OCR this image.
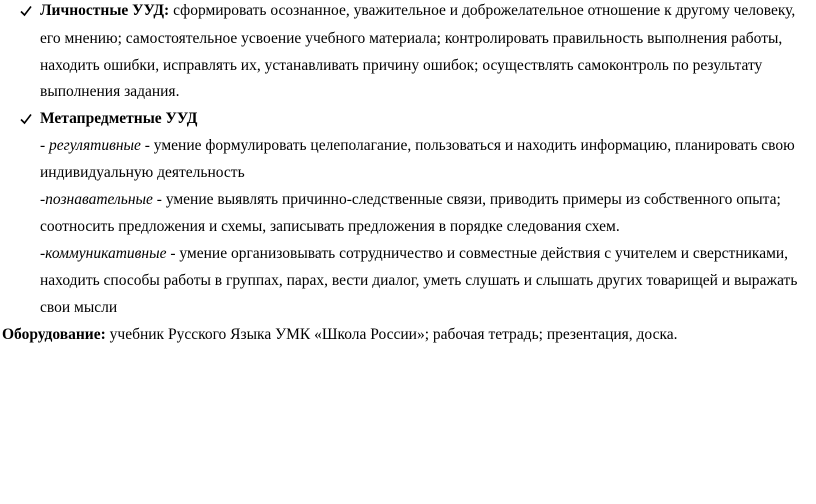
Личностные УУД: сформировать осознанное, уважительное и доброжелательное отношение к другому человеку,
его мнению; самостоятельное усвоение учебного материала; контролировать правильность выполнения работы,
находить ошибки, исправлять их, устанавливать причину ошибок; осуществлять самоконтроль по результату
выполнения задания.
Метапредметные УУД
- регулятивные - умение формулировать целеполагание, пользоваться и находить информацию, планировать свою
индивидуальную деятельность
-познавательные - умение выявлять причинно-следственные связи, приводить примеры из собственного опыта;
соотносить предложения и схемы, записывать предложения в порядке следования схем.
-коммуникативные - умение организовывать сотрудничество и совместные действия с учителем и сверстниками,
находить способы работы в группах, парах, вести диалог, уметь слушать и слышать других товарищей и выражать
свои мысли
Оборудование: учебник Русского Языка УМК «Школа России»; рабочая тетрадь; презентация, доска.
